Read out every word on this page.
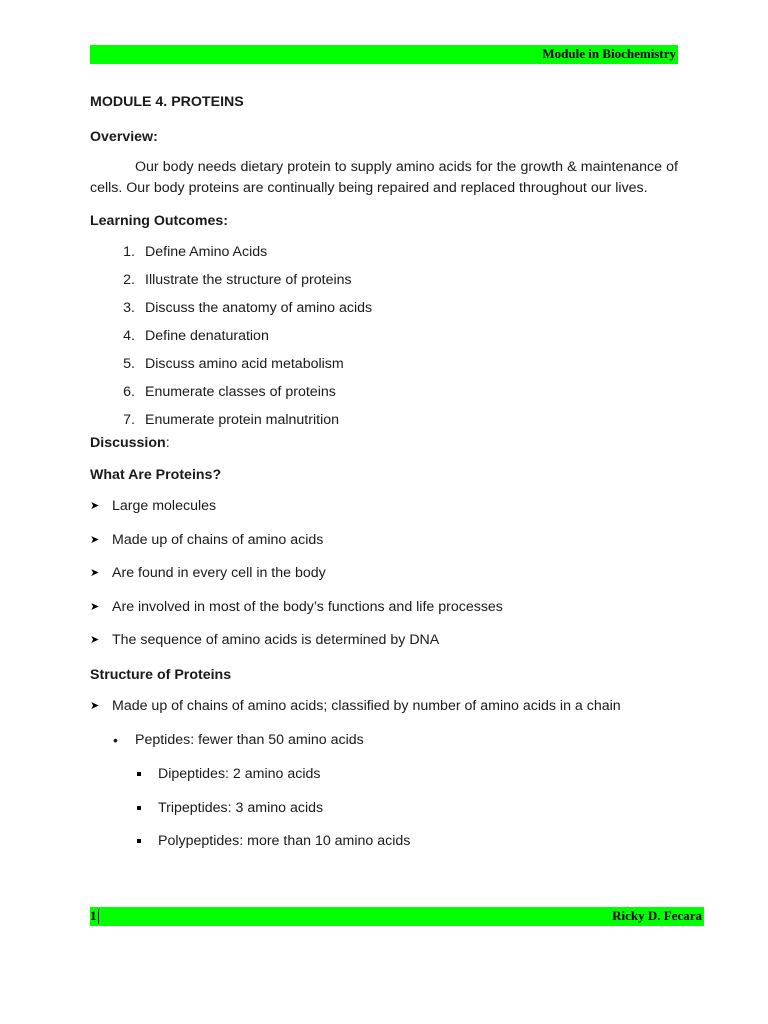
Module in Biochemistry

MODULE 4. PROTEINS

Overview:

Our body needs dietary protein to supply amino acids for the growth & maintenance of cells. Our body proteins are continually being repaired and replaced throughout our lives.

Learning Outcomes:

1. Define Amino Acids
2. Illustrate the structure of proteins
3. Discuss the anatomy of amino acids
4. Define denaturation
5. Discuss amino acid metabolism
6. Enumerate classes of proteins
7. Enumerate protein malnutrition

Discussion:

What Are Proteins?

➤ Large molecules
➤ Made up of chains of amino acids
➤ Are found in every cell in the body
➤ Are involved in most of the body’s functions and life processes
➤ The sequence of amino acids is determined by DNA

Structure of Proteins

➤ Made up of chains of amino acids; classified by number of amino acids in a chain
•	Peptides: fewer than 50 amino acids
Dipeptides: 2 amino acids
Tripeptides: 3 amino acids
Polypeptides: more than 10 amino acids
1	Ricky D. Fecara
